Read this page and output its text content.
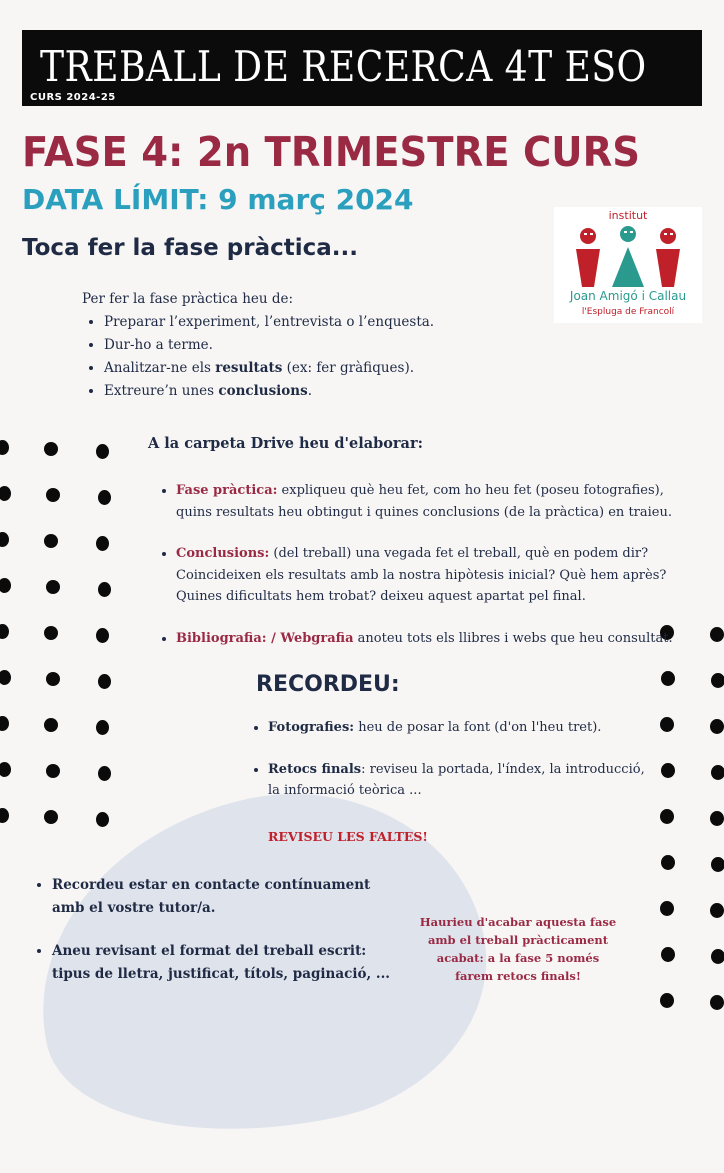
TREBALL DE RECERCA 4T ESO
CURS 2024-25
FASE 4: 2n TRIMESTRE CURS
DATA LÍMIT: 9 març 2024
Toca fer la fase pràctica...
institut
Joan Amigó i Callau
l'Espluga de Francolí
Per fer la fase pràctica heu de:
• Preparar l’experiment, l’entrevista o l’enquesta.
• Dur-ho a terme.
• Analitzar-ne els resultats (ex: fer gràfiques).
• Extreure’n unes conclusions.
A la carpeta Drive heu d'elaborar:
• Fase pràctica: expliqueu què heu fet, com ho heu fet (poseu fotografies), quins resultats heu obtingut i quines conclusions (de la pràctica) en traieu.
• Conclusions: (del treball) una vegada fet el treball, què en podem dir? Coincideixen els resultats amb la nostra hipòtesis inicial? Què hem après? Quines dificultats hem trobat? deixeu aquest apartat pel final.
• Bibliografia: / Webgrafia anoteu tots els llibres i webs que heu consultat.
RECORDEU:
• Fotografies: heu de posar la font (d'on l'heu tret).
• Retocs finals: reviseu la portada, l'índex, la introducció, la informació teòrica ...
REVISEU LES FALTES!
• Recordeu estar en contacte contínuament amb el vostre tutor/a.
• Aneu revisant el format del treball escrit: tipus de lletra, justificat, títols, paginació, ...
Haurieu d'acabar aquesta fase amb el treball pràcticament acabat: a la fase 5 només farem retocs finals!
